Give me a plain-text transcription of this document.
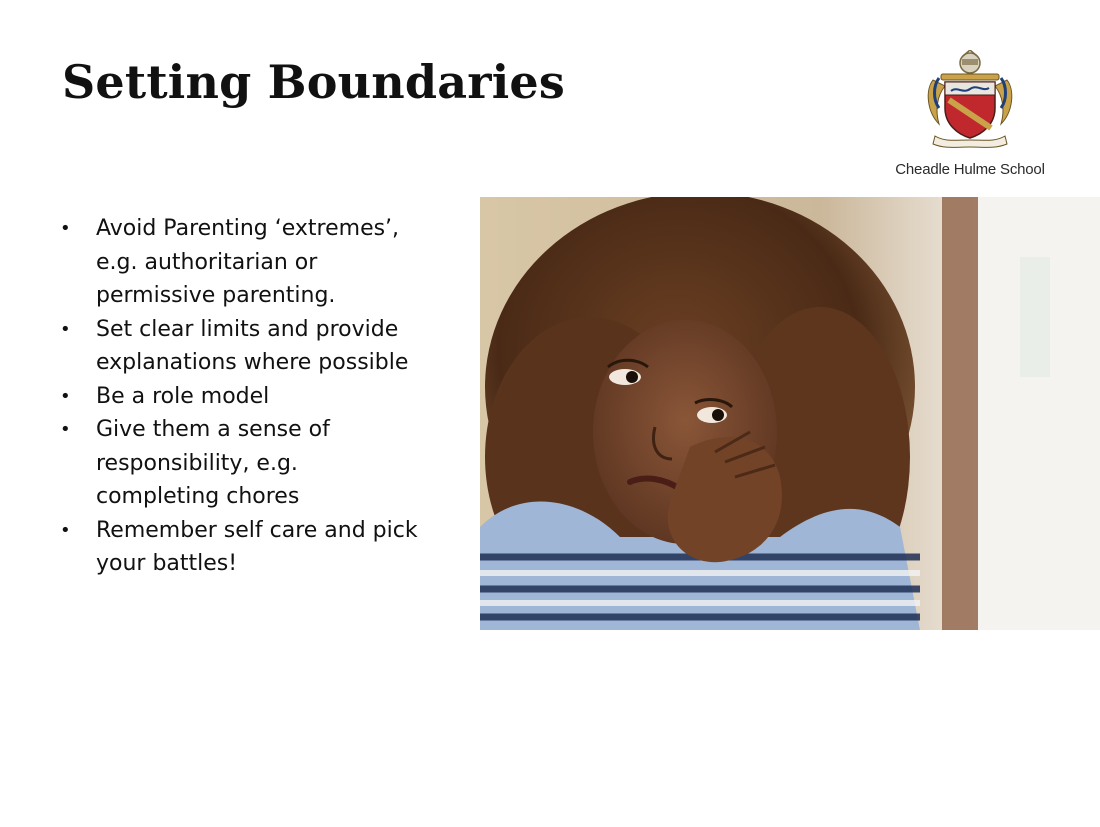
Setting Boundaries
Cheadle Hulme School
• Avoid Parenting ‘extremes’, e.g. authoritarian or permissive parenting.
• Set clear limits and provide explanations where possible
• Be a role model
• Give them a sense of responsibility, e.g. completing chores
• Remember self care and pick your battles!
